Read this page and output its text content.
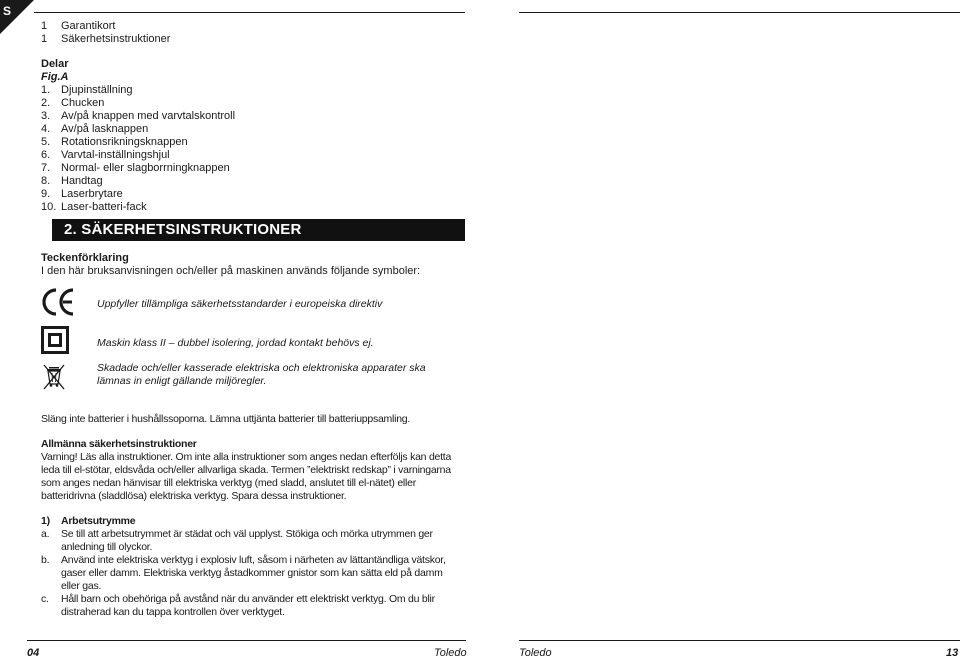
S
1 Garantikort
1 Säkerhetsinstruktioner
Delar
Fig.A
1. Djupinställning
2. Chucken
3. Av/på knappen med varvtalskontroll
4. Av/på lasknappen
5. Rotationsrikningsknappen
6. Varvtal-inställningshjul
7. Normal- eller slagborrningknappen
8. Handtag
9. Laserbrytare
10. Laser-batteri-fack
2. SÄKERHETSINSTRUKTIONER
Teckenförklaring
I den här bruksanvisningen och/eller på maskinen används följande symboler:
Uppfyller tillämpliga säkerhetsstandarder i europeiska direktiv
Maskin klass II – dubbel isolering, jordad kontakt behövs ej.
Skadade och/eller kasserade elektriska och elektroniska apparater ska
lämnas in enligt gällande miljöregler.
Släng inte batterier i hushållssoporna. Lämna uttjänta batterier till batteriuppsamling.
Allmänna säkerhetsinstruktioner
Varning! Läs alla instruktioner. Om inte alla instruktioner som anges nedan efterföljs kan detta
leda till el-stötar, eldsvåda och/eller allvarliga skada. Termen ”elektriskt redskap” i varningarna
som anges nedan hänvisar till elektriska verktyg (med sladd, anslutet till el-nätet) eller
batteridrivna (sladdlösa) elektriska verktyg. Spara dessa instruktioner.
1) Arbetsutrymme
a. Se till att arbetsutrymmet är städat och väl upplyst. Stökiga och mörka utrymmen ger
anledning till olyckor.
b. Använd inte elektriska verktyg i explosiv luft, såsom i närheten av lättantändliga vätskor,
gaser eller damm. Elektriska verktyg åstadkommer gnistor som kan sätta eld på damm
eller gas.
c. Håll barn och obehöriga på avstånd när du använder ett elektriskt verktyg. Om du blir
distraherad kan du tappa kontrollen över verktyget.
04	Toledo	Toledo	13
